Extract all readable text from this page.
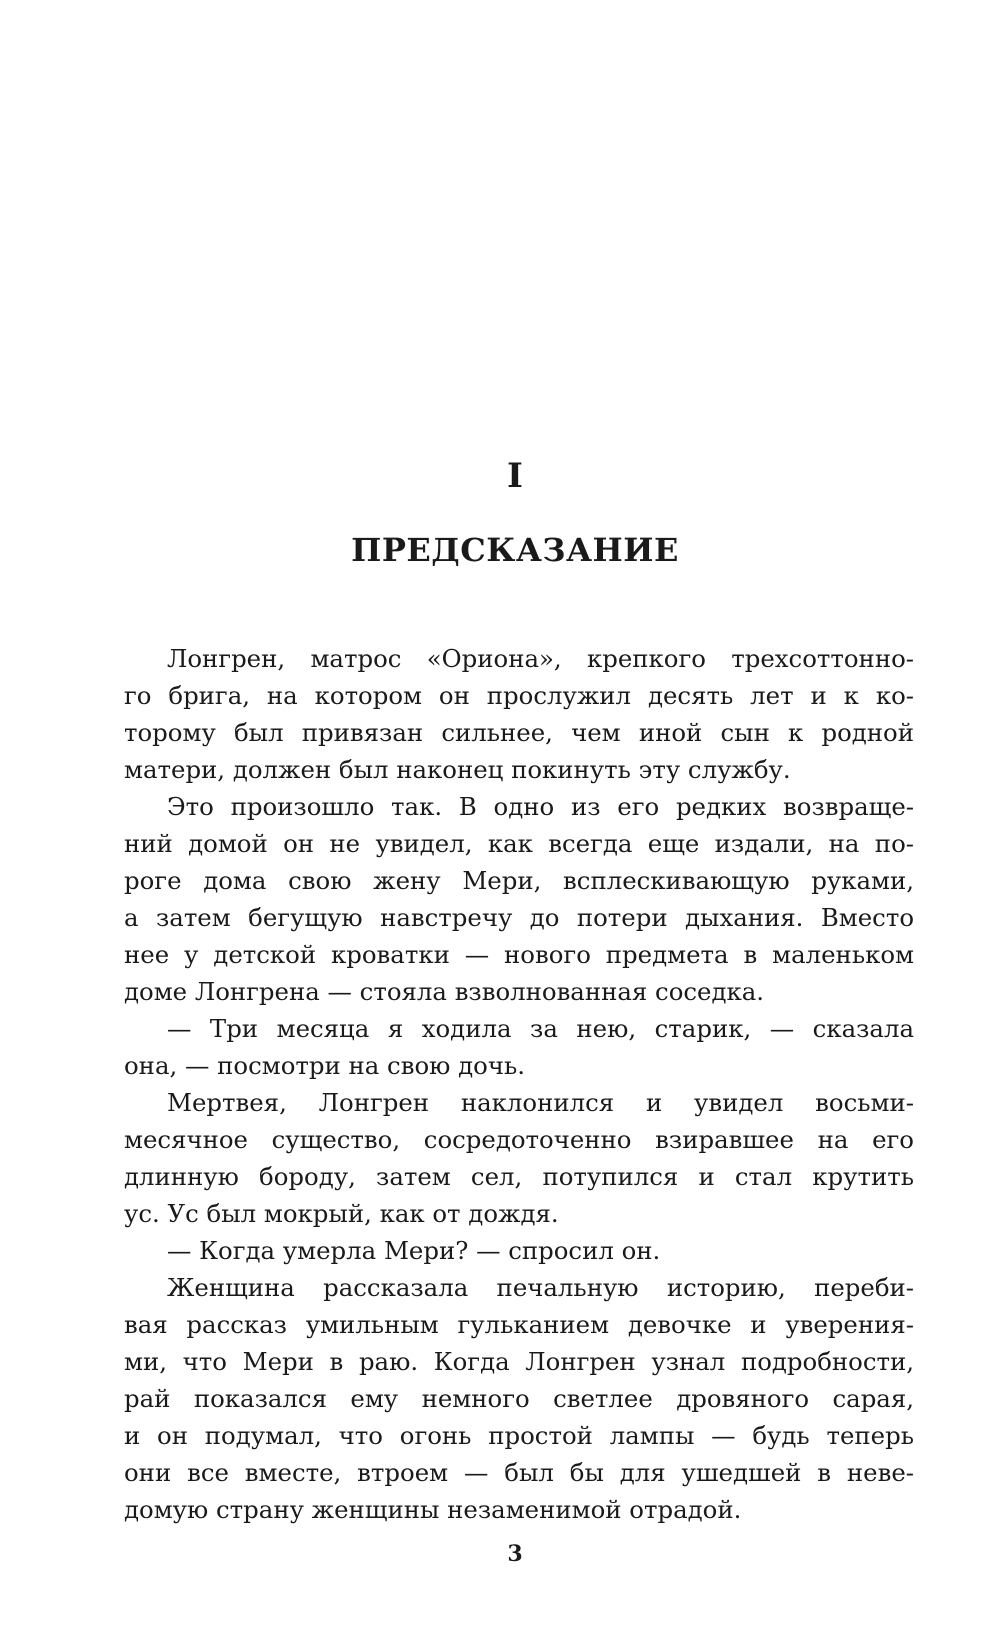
I
ПРЕДСКАЗАНИЕ
Лонгрен, матрос «Ориона», крепкого трехсоттонно-
го брига, на котором он прослужил десять лет и к ко-
торому был привязан сильнее, чем иной сын к родной
матери, должен был наконец покинуть эту службу.
Это произошло так. В одно из его редких возвраще-
ний домой он не увидел, как всегда еще издали, на по-
роге дома свою жену Мери, всплескивающую руками,
а затем бегущую навстречу до потери дыхания. Вместо
нее у детской кроватки — нового предмета в маленьком
доме Лонгрена — стояла взволнованная соседка.
— Три месяца я ходила за нею, старик, — сказала
она, — посмотри на свою дочь.
Мертвея, Лонгрен наклонился и увидел восьми-
месячное существо, сосредоточенно взиравшее на его
длинную бороду, затем сел, потупился и стал крутить
ус. Ус был мокрый, как от дождя.
— Когда умерла Мери? — спросил он.
Женщина рассказала печальную историю, переби-
вая рассказ умильным гульканием девочке и уверения-
ми, что Мери в раю. Когда Лонгрен узнал подробности,
рай показался ему немного светлее дровяного сарая,
и он подумал, что огонь простой лампы — будь теперь
они все вместе, втроем — был бы для ушедшей в неве-
домую страну женщины незаменимой отрадой.
3
